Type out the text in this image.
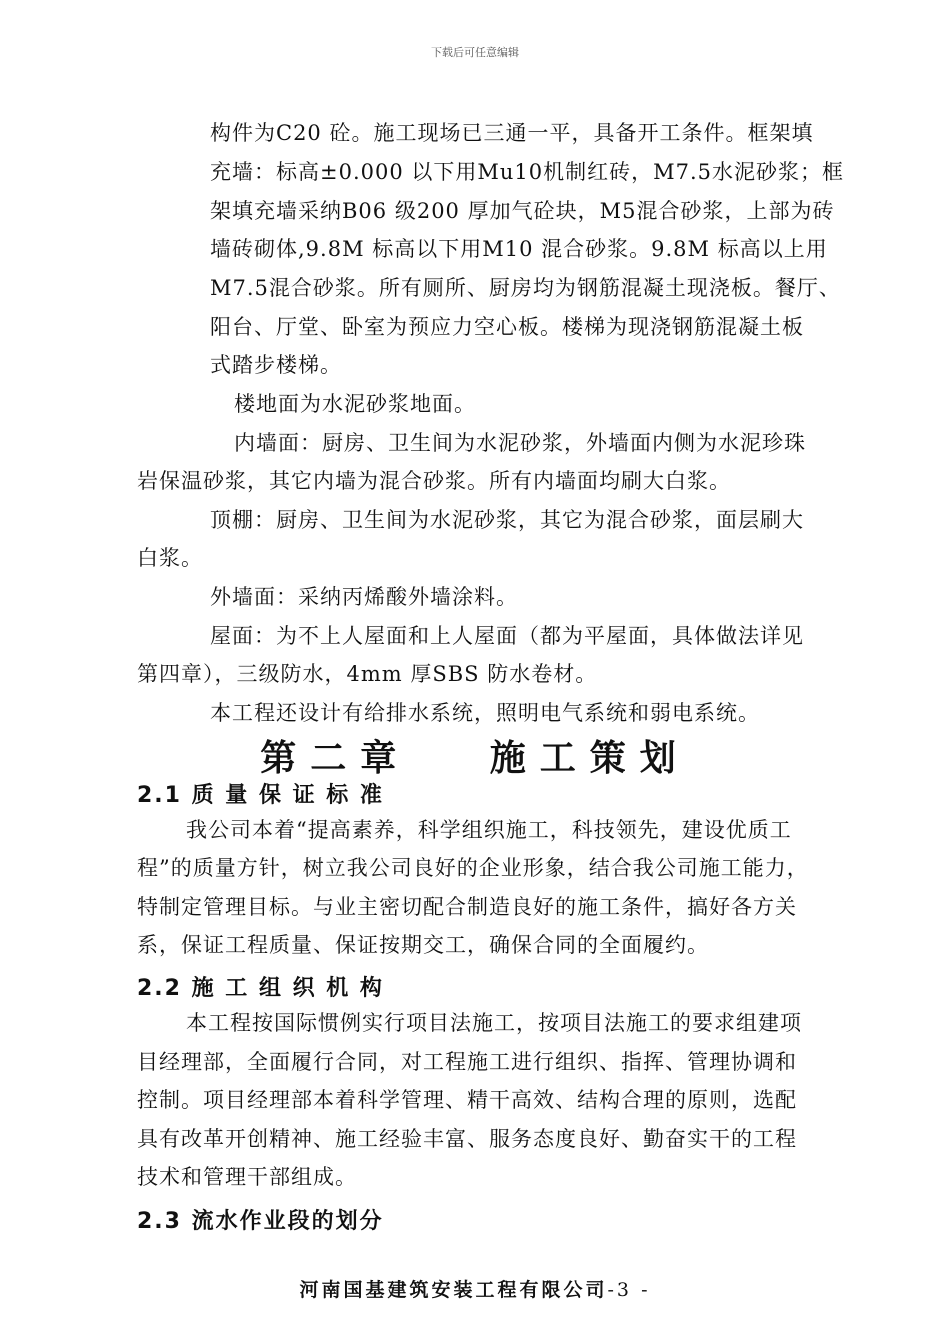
下载后可任意编辑
构件为C20 砼。施工现场已三通一平，具备开工条件。框架填
充墙：标高±0.000 以下用Mu10机制红砖，M7.5水泥砂浆；框
架填充墙采纳B06 级200 厚加气砼块，M5混合砂浆，上部为砖
墙砖砌体,9.8M 标高以下用M10 混合砂浆。9.8M 标高以上用
M7.5混合砂浆。所有厕所、厨房均为钢筋混凝土现浇板。餐厅、
阳台、厅堂、卧室为预应力空心板。楼梯为现浇钢筋混凝土板
式踏步楼梯。
楼地面为水泥砂浆地面。
内墙面：厨房、卫生间为水泥砂浆，外墙面内侧为水泥珍珠
岩保温砂浆，其它内墙为混合砂浆。所有内墙面均刷大白浆。
顶棚：厨房、卫生间为水泥砂浆，其它为混合砂浆，面层刷大
白浆。
外墙面：采纳丙烯酸外墙涂料。
屋面：为不上人屋面和上人屋面（都为平屋面，具体做法详见
第四章），三级防水，4mm 厚SBS 防水卷材。
本工程还设计有给排水系统，照明电气系统和弱电系统。
第二章   施工策划
2.1 质 量 保 证 标 准
我公司本着“提高素养，科学组织施工，科技领先，建设优质工
程”的质量方针，树立我公司良好的企业形象，结合我公司施工能力，
特制定管理目标。与业主密切配合制造良好的施工条件，搞好各方关
系，保证工程质量、保证按期交工，确保合同的全面履约。
2.2 施 工 组 织 机 构
本工程按国际惯例实行项目法施工，按项目法施工的要求组建项
目经理部，全面履行合同，对工程施工进行组织、指挥、管理协调和
控制。项目经理部本着科学管理、精干高效、结构合理的原则，选配
具有改革开创精神、施工经验丰富、服务态度良好、勤奋实干的工程
技术和管理干部组成。
2.3 流水作业段的划分
河南国基建筑安装工程有限公司-3 -
